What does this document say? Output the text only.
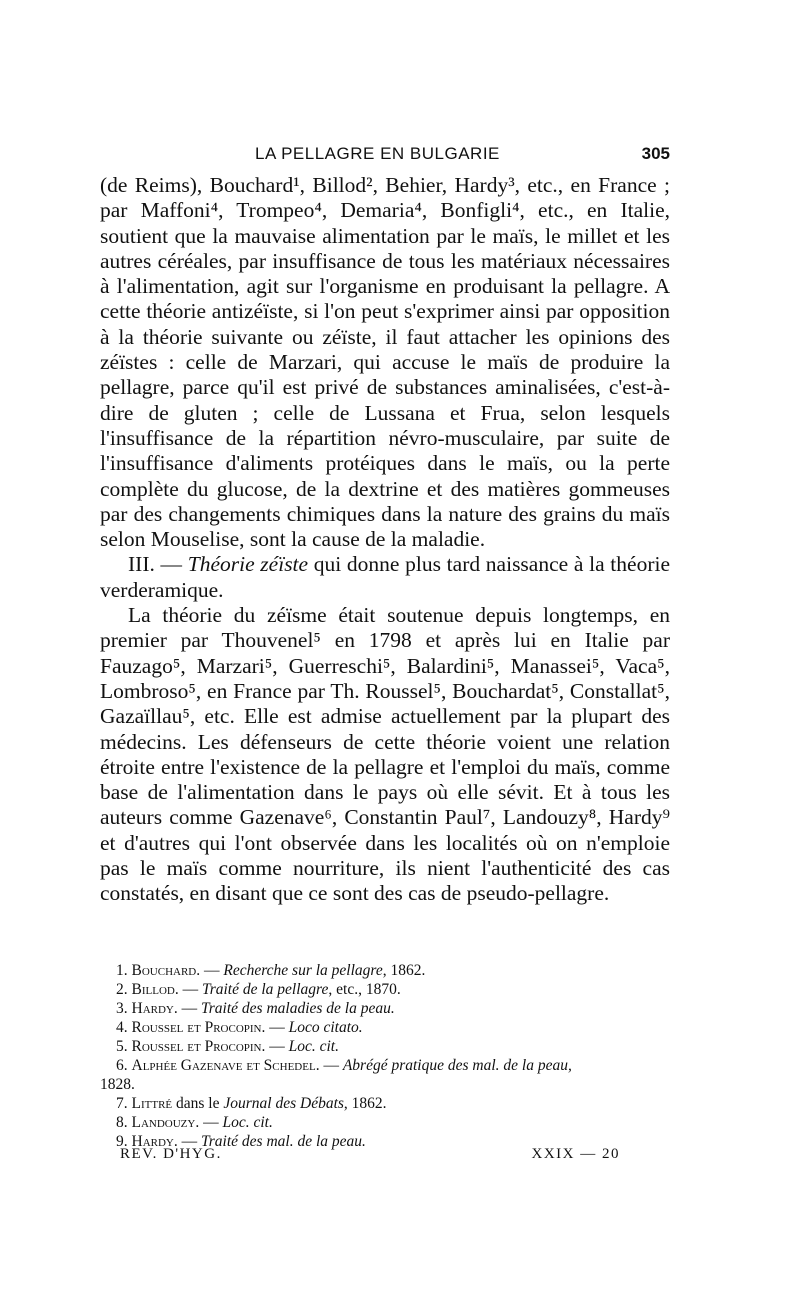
LA PELLAGRE EN BULGARIE	305

(de Reims), Bouchard¹, Billod², Behier, Hardy³, etc., en France ; par Maffoni⁴, Trompeo⁴, Demaria⁴, Bonfigli⁴, etc., en Italie, soutient que la mauvaise alimentation par le maïs, le millet et les autres céréales, par insuffisance de tous les matériaux nécessaires à l'alimentation, agit sur l'organisme en produisant la pellagre. A cette théorie antizéïste, si l'on peut s'exprimer ainsi par opposition à la théorie suivante ou zéïste, il faut attacher les opinions des zéïstes : celle de Marzari, qui accuse le maïs de produire la pellagre, parce qu'il est privé de substances aminalisées, c'est-à-dire de gluten ; celle de Lussana et Frua, selon lesquels l'insuffisance de la répartition névro-musculaire, par suite de l'insuffisance d'aliments protéiques dans le maïs, ou la perte complète du glucose, de la dextrine et des matières gommeuses par des changements chimiques dans la nature des grains du maïs selon Mouselise, sont la cause de la maladie.

III. — Théorie zéïste qui donne plus tard naissance à la théorie verderamique.

La théorie du zéïsme était soutenue depuis longtemps, en premier par Thouvenel⁵ en 1798 et après lui en Italie par Fauzago⁵, Marzari⁵, Guerreschi⁵, Balardini⁵, Manassei⁵, Vaca⁵, Lombroso⁵, en France par Th. Roussel⁵, Bouchardat⁵, Constallat⁵, Gazaïllau⁵, etc. Elle est admise actuellement par la plupart des médecins. Les défenseurs de cette théorie voient une relation étroite entre l'existence de la pellagre et l'emploi du maïs, comme base de l'alimentation dans le pays où elle sévit. Et à tous les auteurs comme Gazenave⁶, Constantin Paul⁷, Landouzy⁸, Hardy⁹ et d'autres qui l'ont observée dans les localités où on n'emploie pas le maïs comme nourriture, ils nient l'authenticité des cas constatés, en disant que ce sont des cas de pseudo-pellagre.

1. Bouchard. — Recherche sur la pellagre, 1862.

2. Billod. — Traité de la pellagre, etc., 1870.

3. Hardy. — Traité des maladies de la peau.

4. Roussel et Procopin. — Loco citato.

5. Roussel et Procopin. — Loc. cit.

6. Alphée Gazenave et Schedel. — Abrégé pratique des mal. de la peau,

1828.

7. Littré dans le Journal des Débats, 1862.

8. Landouzy. — Loc. cit.

9. Hardy. — Traité des mal. de la peau.

REV. D'HYG.	XXIX — 20
